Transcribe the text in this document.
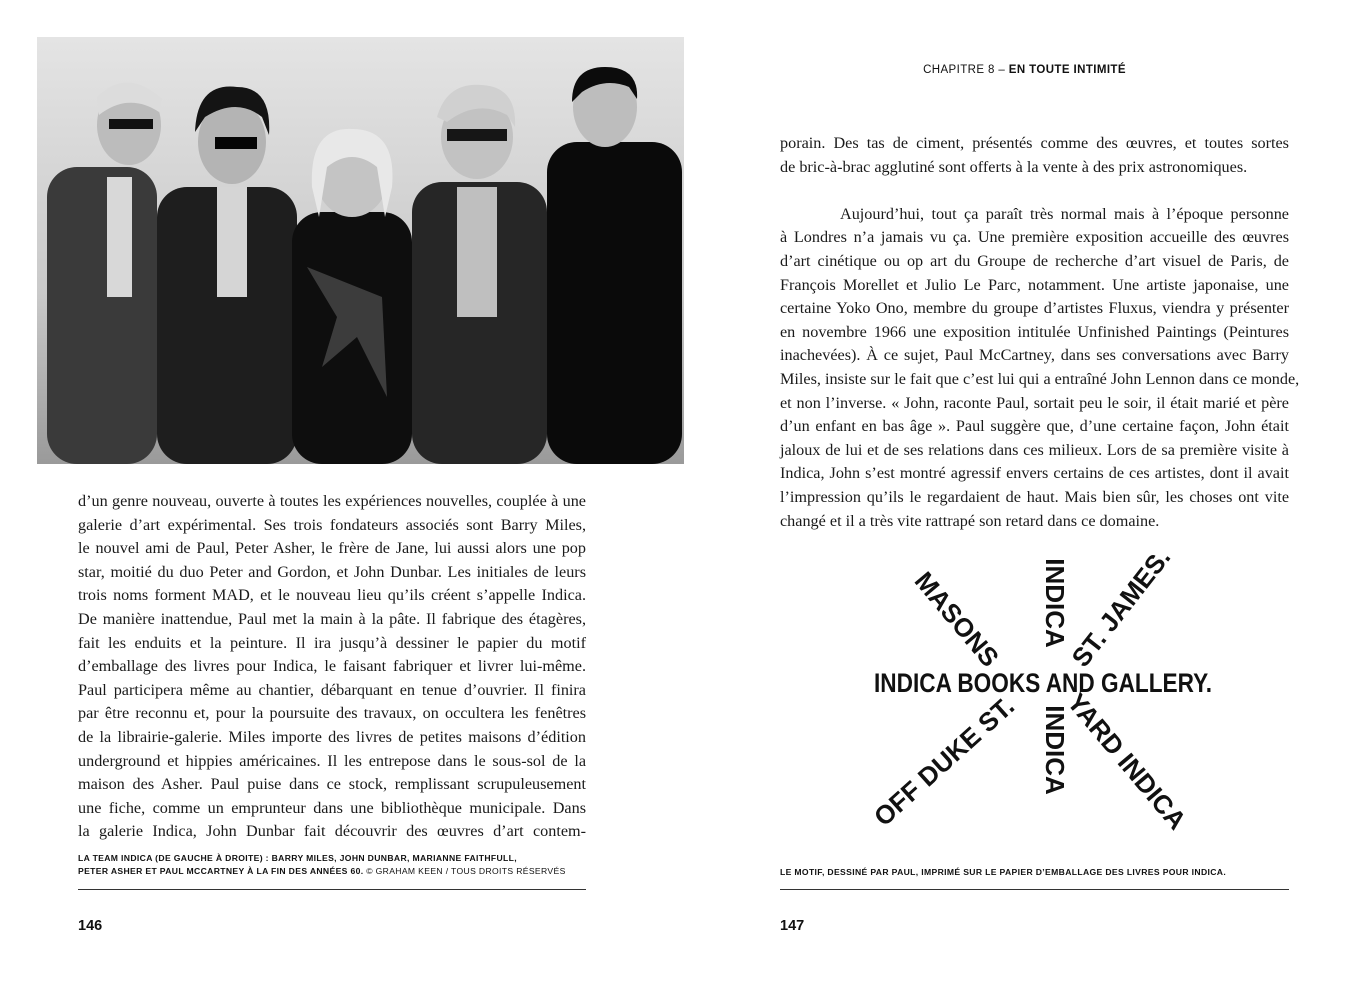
d’un genre nouveau, ouverte à toutes les expériences nouvelles, couplée à une
galerie d’art expérimental. Ses trois fondateurs associés sont Barry Miles,
le nouvel ami de Paul, Peter Asher, le frère de Jane, lui aussi alors une pop
star, moitié du duo Peter and Gordon, et John Dunbar. Les initiales de leurs
trois noms forment MAD, et le nouveau lieu qu’ils créent s’appelle Indica.
De manière inattendue, Paul met la main à la pâte. Il fabrique des étagères,
fait les enduits et la peinture. Il ira jusqu’à dessiner le papier du motif
d’emballage des livres pour Indica, le faisant fabriquer et livrer lui-même.
Paul participera même au chantier, débarquant en tenue d’ouvrier. Il finira
par être reconnu et, pour la poursuite des travaux, on occultera les fenêtres
de la librairie-galerie. Miles importe des livres de petites maisons d’édition
underground et hippies américaines. Il les entrepose dans le sous-sol de la
maison des Asher. Paul puise dans ce stock, remplissant scrupuleusement
une fiche, comme un emprunteur dans une bibliothèque municipale. Dans
la galerie Indica, John Dunbar fait découvrir des œuvres d’art contem-
LA TEAM INDICA (DE GAUCHE À DROITE) : BARRY MILES, JOHN DUNBAR, MARIANNE FAITHFULL,
PETER ASHER ET PAUL MCCARTNEY À LA FIN DES ANNÉES 60. © GRAHAM KEEN / TOUS DROITS RÉSERVÉS
146
CHAPITRE 8 – EN TOUTE INTIMITÉ

porain. Des tas de ciment, présentés comme des œuvres, et toutes sortes
de bric-à-brac agglutiné sont offerts à la vente à des prix astronomiques.

Aujourd’hui, tout ça paraît très normal mais à l’époque personne
à Londres n’a jamais vu ça. Une première exposition accueille des œuvres
d’art cinétique ou op art du Groupe de recherche d’art visuel de Paris, de
François Morellet et Julio Le Parc, notamment. Une artiste japonaise, une
certaine Yoko Ono, membre du groupe d’artistes Fluxus, viendra y présenter
en novembre 1966 une exposition intitulée Unfinished Paintings (Peintures
inachevées). À ce sujet, Paul McCartney, dans ses conversations avec Barry
Miles, insiste sur le fait que c’est lui qui a entraîné John Lennon dans ce monde,
et non l’inverse. « John, raconte Paul, sortait peu le soir, il était marié et père
d’un enfant en bas âge ». Paul suggère que, d’une certaine façon, John était
jaloux de lui et de ses relations dans ces milieux. Lors de sa première visite à
Indica, John s’est montré agressif envers certains de ces artistes, dont il avait
l’impression qu’ils le regardaient de haut. Mais bien sûr, les choses ont vite
changé et il a très vite rattrapé son retard dans ce domaine.

INDICA BOOKS AND GALLERY.
MASONS INDICA
ST. JAMES.
OFF DUKE ST. INDICA
YARD INDICA
LE MOTIF, DESSINÉ PAR PAUL, IMPRIMÉ SUR LE PAPIER D’EMBALLAGE DES LIVRES POUR INDICA.
147
